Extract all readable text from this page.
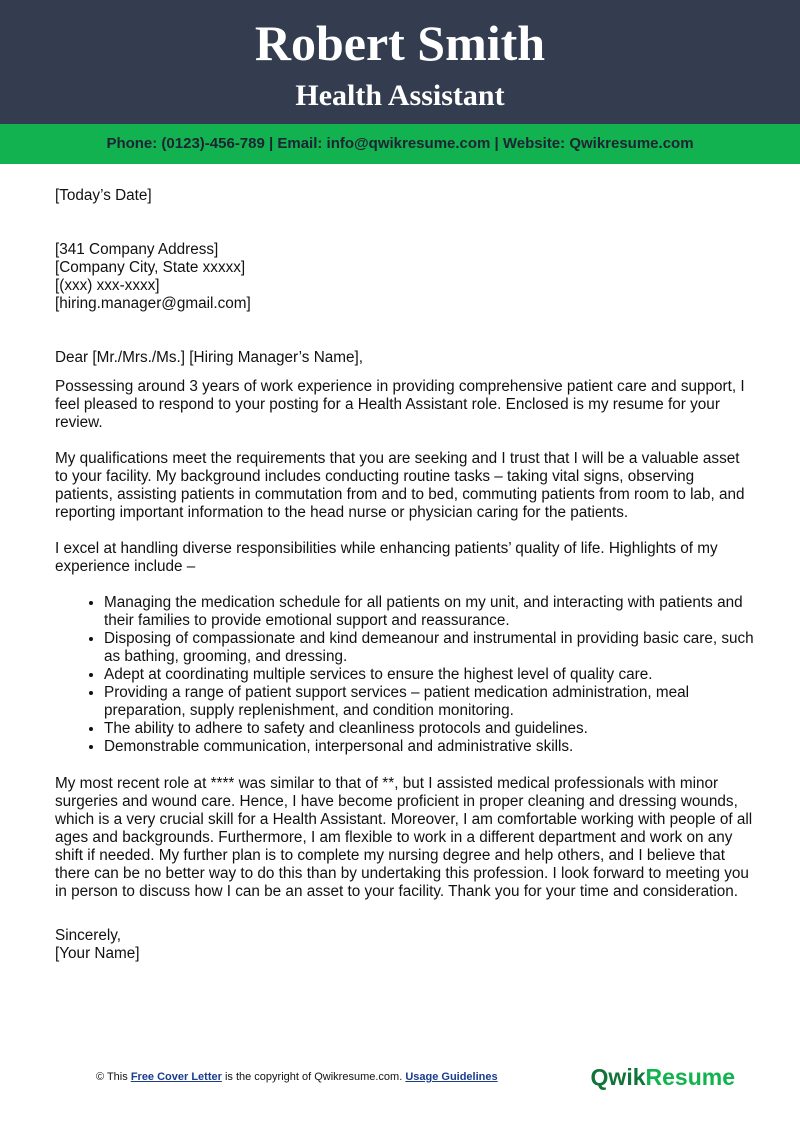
Robert Smith
Health Assistant
Phone: (0123)-456-789 | Email: info@qwikresume.com | Website: Qwikresume.com

[Today’s Date]

[341 Company Address]

[Company City, State xxxxx]

[(xxx) xxx-xxxx]

[hiring.manager@gmail.com]

Dear [Mr./Mrs./Ms.] [Hiring Manager’s Name],

Possessing around 3 years of work experience in providing comprehensive patient care and support, I feel pleased to respond to your posting for a Health Assistant role. Enclosed is my resume for your review.

My qualifications meet the requirements that you are seeking and I trust that I will be a valuable asset to your facility. My background includes conducting routine tasks – taking vital signs, observing patients, assisting patients in commutation from and to bed, commuting patients from room to lab, and reporting important information to the head nurse or physician caring for the patients.

I excel at handling diverse responsibilities while enhancing patients’ quality of life. Highlights of my experience include –

• Managing the medication schedule for all patients on my unit, and interacting with patients and their families to provide emotional support and reassurance.
• Disposing of compassionate and kind demeanour and instrumental in providing basic care, such as bathing, grooming, and dressing.
• Adept at coordinating multiple services to ensure the highest level of quality care.
• Providing a range of patient support services – patient medication administration, meal preparation, supply replenishment, and condition monitoring.
• The ability to adhere to safety and cleanliness protocols and guidelines.
• Demonstrable communication, interpersonal and administrative skills.

My most recent role at **** was similar to that of **, but I assisted medical professionals with minor surgeries and wound care. Hence, I have become proficient in proper cleaning and dressing wounds, which is a very crucial skill for a Health Assistant. Moreover, I am comfortable working with people of all ages and backgrounds. Furthermore, I am flexible to work in a different department and work on any shift if needed. My further plan is to complete my nursing degree and help others, and I believe that there can be no better way to do this than by undertaking this profession. I look forward to meeting you in person to discuss how I can be an asset to your facility. Thank you for your time and consideration.

Sincerely,

[Your Name]

© This Free Cover Letter is the copyright of Qwikresume.com. Usage Guidelines	QwikResume
